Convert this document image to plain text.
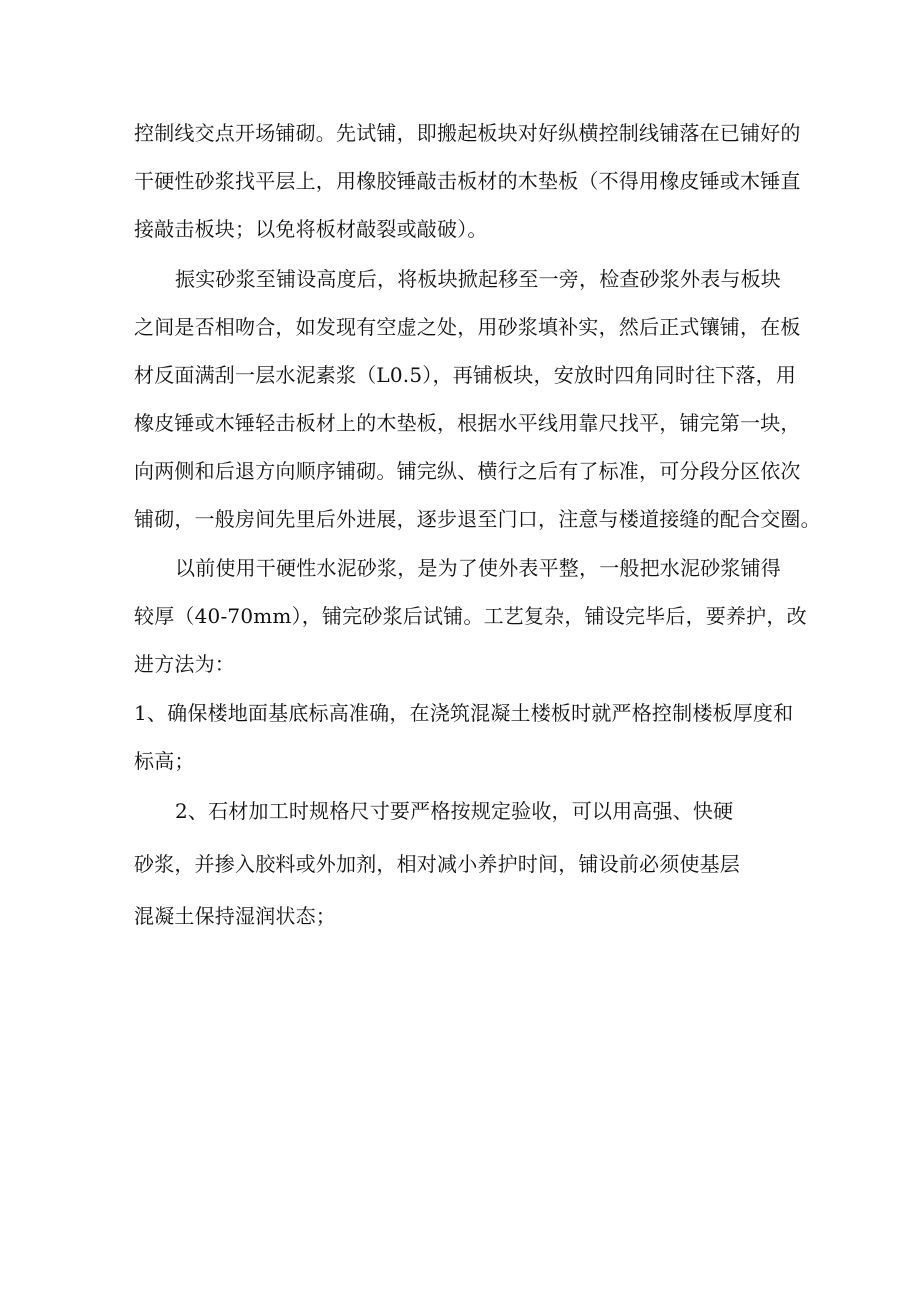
控制线交点开场铺砌。先试铺，即搬起板块对好纵横控制线铺落在已铺好的
干硬性砂浆找平层上，用橡胶锤敲击板材的木垫板（不得用橡皮锤或木锤直
接敲击板块；以免将板材敲裂或敲破）。
振实砂浆至铺设高度后，将板块掀起移至一旁，检查砂浆外表与板块
之间是否相吻合，如发现有空虚之处，用砂浆填补实，然后正式镶铺，在板
材反面满刮一层水泥素浆（L0.5），再铺板块，安放时四角同时往下落，用
橡皮锤或木锤轻击板材上的木垫板，根据水平线用靠尺找平，铺完第一块，
向两侧和后退方向顺序铺砌。铺完纵、横行之后有了标准，可分段分区依次
铺砌，一般房间先里后外进展，逐步退至门口，注意与楼道接缝的配合交圈。
以前使用干硬性水泥砂浆，是为了使外表平整，一般把水泥砂浆铺得
较厚（40-70mm），铺完砂浆后试铺。工艺复杂，铺设完毕后，要养护，改
进方法为：
1、确保楼地面基底标高准确，在浇筑混凝土楼板时就严格控制楼板厚度和
标高；
2、石材加工时规格尺寸要严格按规定验收，可以用高强、快硬
砂浆，并掺入胶料或外加剂，相对减小养护时间，铺设前必须使基层
混凝土保持湿润状态；
